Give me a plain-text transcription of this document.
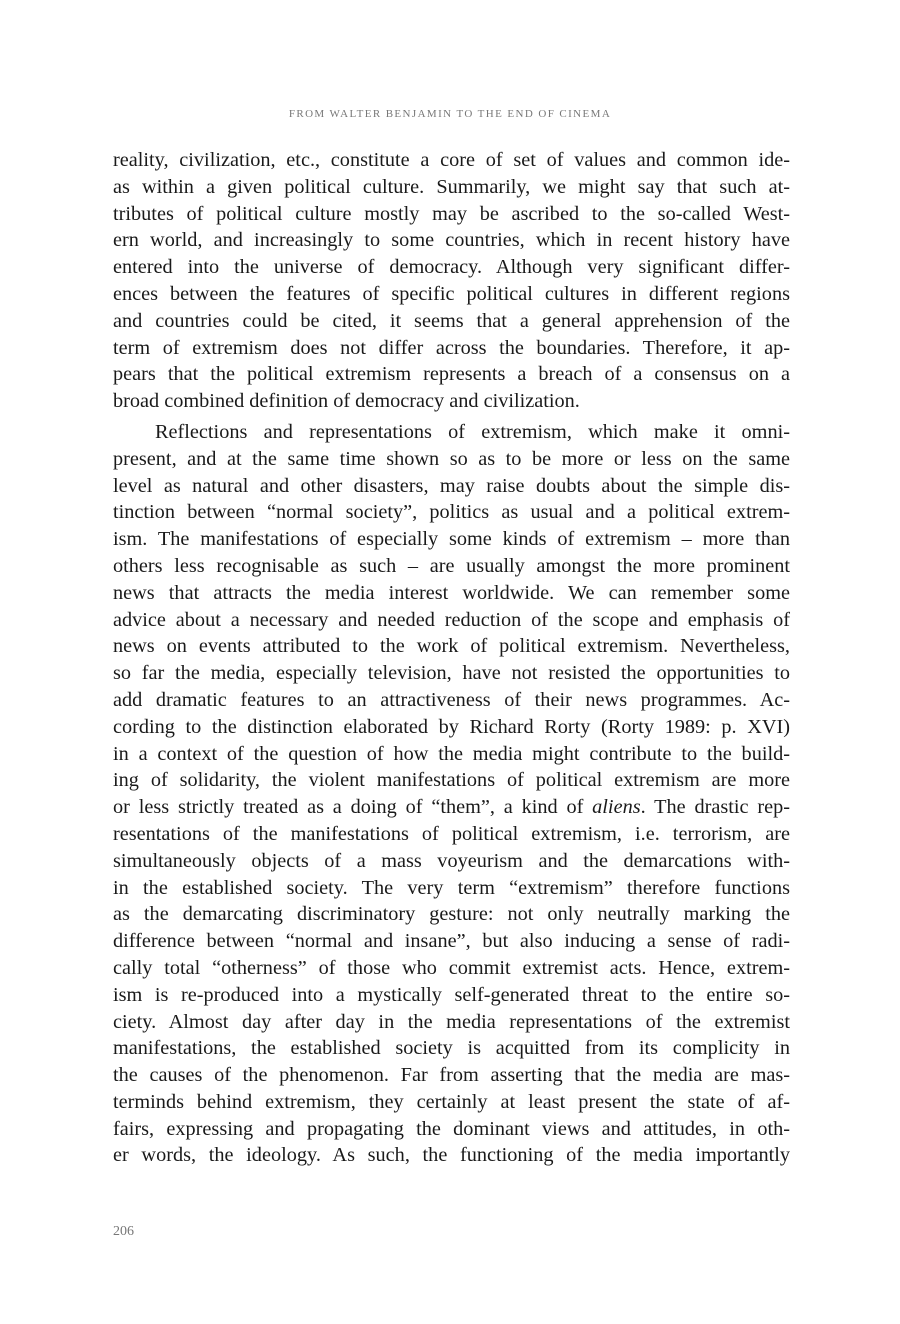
FROM WALTER BENJAMIN TO THE END OF CINEMA

reality, civilization, etc., constitute a core of set of values and common ide-
as within a given political culture. Summarily, we might say that such at-
tributes of political culture mostly may be ascribed to the so-called West-
ern world, and increasingly to some countries, which in recent history have
entered into the universe of democracy. Although very significant differ-
ences between the features of specific political cultures in different regions
and countries could be cited, it seems that a general apprehension of the
term of extremism does not differ across the boundaries. Therefore, it ap-
pears that the political extremism represents a breach of a consensus on a
broad combined definition of democracy and civilization.

Reflections and representations of extremism, which make it omni-
present, and at the same time shown so as to be more or less on the same
level as natural and other disasters, may raise doubts about the simple dis-
tinction between “normal society”, politics as usual and a political extrem-
ism. The manifestations of especially some kinds of extremism – more than
others less recognisable as such – are usually amongst the more prominent
news that attracts the media interest worldwide. We can remember some
advice about a necessary and needed reduction of the scope and emphasis of
news on events attributed to the work of political extremism. Nevertheless,
so far the media, especially television, have not resisted the opportunities to
add dramatic features to an attractiveness of their news programmes. Ac-
cording to the distinction elaborated by Richard Rorty (Rorty 1989: p. XVI)
in a context of the question of how the media might contribute to the build-
ing of solidarity, the violent manifestations of political extremism are more
or less strictly treated as a doing of “them”, a kind of aliens. The drastic rep-
resentations of the manifestations of political extremism, i.e. terrorism, are
simultaneously objects of a mass voyeurism and the demarcations with-
in the established society. The very term “extremism” therefore functions
as the demarcating discriminatory gesture: not only neutrally marking the
difference between “normal and insane”, but also inducing a sense of radi-
cally total “otherness” of those who commit extremist acts. Hence, extrem-
ism is re-produced into a mystically self-generated threat to the entire so-
ciety. Almost day after day in the media representations of the extremist
manifestations, the established society is acquitted from its complicity in
the causes of the phenomenon. Far from asserting that the media are mas-
terminds behind extremism, they certainly at least present the state of af-
fairs, expressing and propagating the dominant views and attitudes, in oth-
er words, the ideology. As such, the functioning of the media importantly

206
